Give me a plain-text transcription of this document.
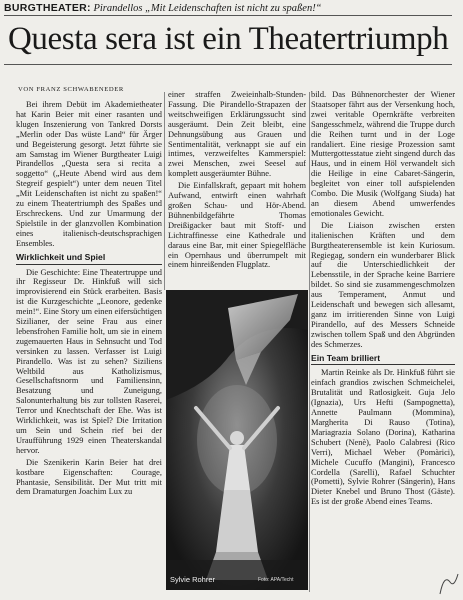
BURGTHEATER: Pirandellos „Mit Leidenschaften ist nicht zu spaßen!“
Questa sera ist ein Theatertriumph
VON FRANZ SCHWABENEDER

Bei ihrem Debüt im Akademietheater hat Karin Beier mit einer rasanten und klugen Inszenierung von Tankred Dorsts „Merlin oder Das wüste Land“ für Ärger und Begeisterung gesorgt. Jetzt führte sie am Samstag im Wiener Burgtheater Luigi Pirandellos „Questa sera si recita a soggetto“ („Heute Abend wird aus dem Stegreif gespielt“) unter dem neuen Titel „Mit Leidenschaften ist nicht zu spaßen!“ zu einem Theatertriumph des Spaßes und Erschreckens. Und zur Umarmung der Spielstile in der glanzvollen Kombination eines italienisch-deutschsprachigen Ensembles.

Wirklichkeit und Spiel

Die Geschichte: Eine Theatertruppe und ihr Regisseur Dr. Hinkfuß will sich improvisierend ein Stück erarbeiten. Basis ist die Kurzgeschichte „Leonore, gedenke mein!“. Eine Story um einen eifersüchtigen Sizilianer, der seine Frau aus einer lebensfrohen Familie holt, um sie in einem zugemauerten Haus in Sehnsucht und Tod versinken zu lassen. Verfasser ist Luigi Pirandello. Was ist zu sehen? Siziliens Weltbild aus Katholizismus, Gesellschaftsnorm und Familiensinn, Besatzung und Zuneigung, Salonunterhaltung bis zur tollsten Raserei, Terror und Knechtschaft der Ehe. Was ist Wirklichkeit, was ist Spiel? Die Irritation um Sein und Schein rief bei der Uraufführung 1929 einen Theaterskandal hervor.

Die Szenikerin Karin Beier hat drei kostbare Eigenschaften: Courage, Phantasie, Sensibilität. Der Mut tritt mit dem Dramaturgen Joachim Lux zu

einer straffen Zweieinhalb-Stunden-Fassung. Die Pirandello-Strapazen der weitschweifigen Erklärungssucht sind ausgeräumt. Dein Zeit bleibt, eine Dehnungsübung aus Grauen und Sentimentalität, verknappt sie auf ein intimes, verzweifeltes Kammerspiel: zwei Menschen, zwei Seesel auf komplett ausgeräumter Bühne.

Die Einfallskraft, gepaart mit hohem Aufwand, entwirft einen wahrhaft großen Schau- und Hör-Abend. Bühnenbildgefährte Thomas Dreißigacker baut mit Stoff- und Lichtraffinesse eine Kathedrale und daraus eine Bar, mit einer Spiegelfläche ein Opernhaus und überrumpelt mit einem hinreißenden Flugplatz.

bild. Das Bühnenorchester der Wiener Staatsoper fährt aus der Versenkung hoch, zwei veritable Opernkräfte verbreiten Sangesschmelz, während die Truppe durch die Reihen turnt und in der Loge randaliert. Eine riesige Prozession samt Muttergottesstatue zieht singend durch das Haus, und in einem Höl verwandelt sich die Heilige in eine Cabaret-Sängerin, begleitet von einer toll aufspielenden Combo. Die Musik (Wolfgang Siuda) hat an diesem Abend umwerfendes emotionales Gewicht.

Die Liaison zwischen ersten italienischen Kräften und dem Burgtheaterensemble ist kein Kuriosum. Regiegag, sondern ein wunderbarer Blick auf die Unterschiedlichkeit der Lebensstile, in der Sprache keine Barriere bildet. So sind sie zusammengeschmolzen aus Temperament, Anmut und Leidenschaft und bewegen sich allesamt, ganz im irritierenden Sinne von Luigi Pirandello, auf des Messers Schneide zwischen tollem Spaß und den Abgründen des Schmerzes.

Ein Team brilliert

Martin Reinke als Dr. Hinkfuß führt sie einfach grandios zwischen Schmeichelei, Brutalität und Ratlosigkeit. Guja Jelo (Ignazia), Urs Hefti (Sampognetta), Annette Paulmann (Mommina), Margherita Di Rauso (Totina), Mariagrazia Solano (Dorina), Katharina Schubert (Nenè), Paolo Calabresi (Rico Verri), Michael Weber (Pomàrici), Michele Cucuffo (Mangini), Francesco Cordella (Sarelli), Rafael Schuchter (Pometti), Sylvie Rohrer (Sängerin), Hans Dieter Knebel und Bruno Thost (Gäste). Es ist der große Abend eines Teams.

Sylvie Rohrer	Foto: APA/Techt
